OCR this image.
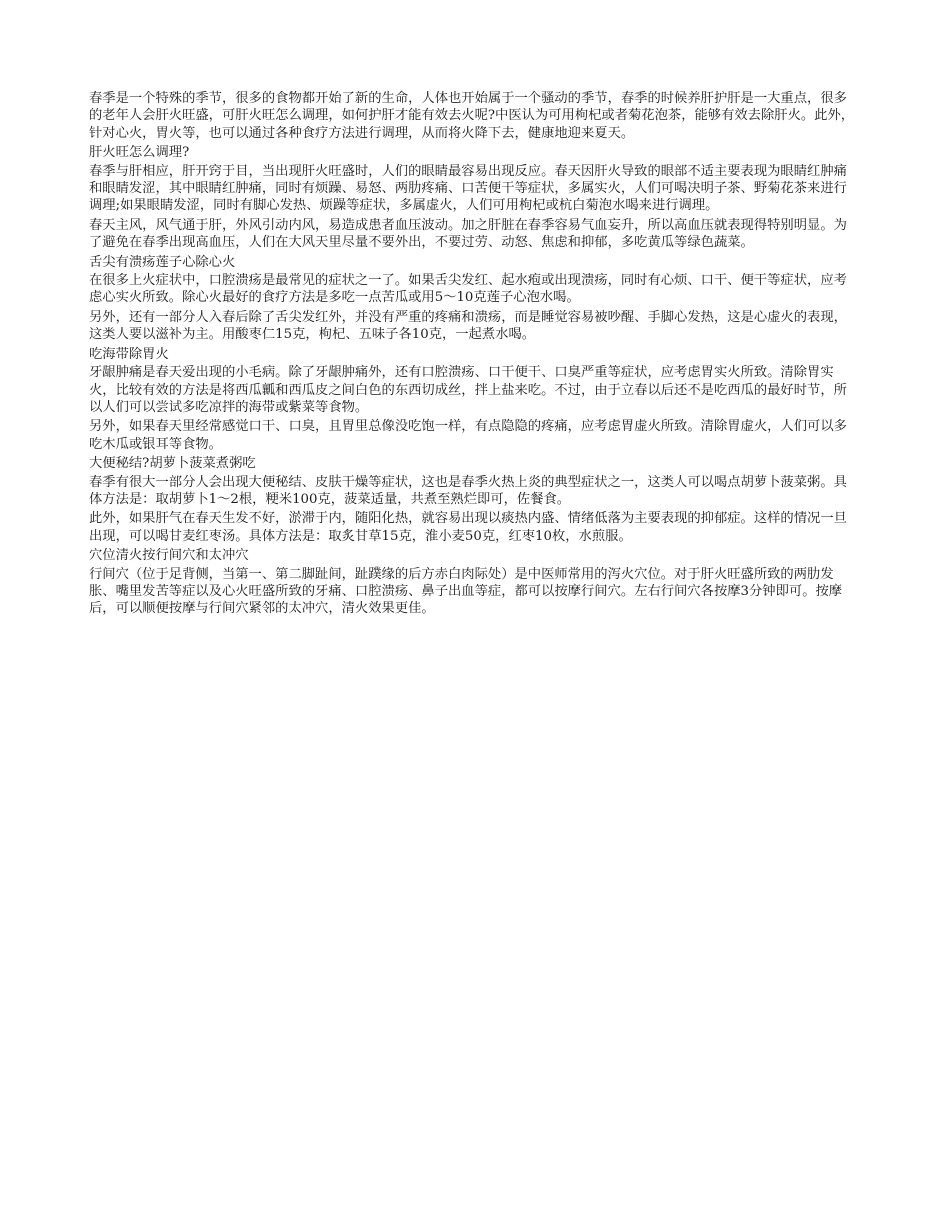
春季是一个特殊的季节，很多的食物都开始了新的生命，人体也开始属于一个骚动的季节，春季的时候养肝护肝是一大重点，很多的老年人会肝火旺盛，可肝火旺怎么调理，如何护肝才能有效去火呢?中医认为可用枸杞或者菊花泡茶，能够有效去除肝火。此外，针对心火，胃火等，也可以通过各种食疗方法进行调理，从而将火降下去，健康地迎来夏天。

肝火旺怎么调理?

春季与肝相应，肝开窍于目，当出现肝火旺盛时，人们的眼睛最容易出现反应。春天因肝火导致的眼部不适主要表现为眼睛红肿痛和眼睛发涩，其中眼睛红肿痛，同时有烦躁、易怒、两肋疼痛、口苦便干等症状，多属实火，人们可喝决明子茶、野菊花茶来进行调理;如果眼睛发涩，同时有脚心发热、烦躁等症状，多属虚火，人们可用枸杞或杭白菊泡水喝来进行调理。

春天主风，风气通于肝，外风引动内风，易造成患者血压波动。加之肝脏在春季容易气血妄升，所以高血压就表现得特别明显。为了避免在春季出现高血压，人们在大风天里尽量不要外出，不要过劳、动怒、焦虑和抑郁，多吃黄瓜等绿色蔬菜。

舌尖有溃疡莲子心除心火

在很多上火症状中，口腔溃疡是最常见的症状之一了。如果舌尖发红、起水疱或出现溃疡，同时有心烦、口干、便干等症状，应考虑心实火所致。除心火最好的食疗方法是多吃一点苦瓜或用5～10克莲子心泡水喝。

另外，还有一部分人入春后除了舌尖发红外，并没有严重的疼痛和溃疡，而是睡觉容易被吵醒、手脚心发热，这是心虚火的表现，这类人要以滋补为主。用酸枣仁15克，枸杞、五味子各10克，一起煮水喝。

吃海带除胃火

牙龈肿痛是春天爱出现的小毛病。除了牙龈肿痛外，还有口腔溃疡、口干便干、口臭严重等症状，应考虑胃实火所致。清除胃实火，比较有效的方法是将西瓜瓤和西瓜皮之间白色的东西切成丝，拌上盐来吃。不过，由于立春以后还不是吃西瓜的最好时节，所以人们可以尝试多吃凉拌的海带或紫菜等食物。

另外，如果春天里经常感觉口干、口臭，且胃里总像没吃饱一样，有点隐隐的疼痛，应考虑胃虚火所致。清除胃虚火，人们可以多吃木瓜或银耳等食物。

大便秘结?胡萝卜菠菜煮粥吃

春季有很大一部分人会出现大便秘结、皮肤干燥等症状，这也是春季火热上炎的典型症状之一，这类人可以喝点胡萝卜菠菜粥。具体方法是：取胡萝卜1～2根，粳米100克，菠菜适量，共煮至熟烂即可，佐餐食。

此外，如果肝气在春天生发不好，淤滞于内，随阳化热，就容易出现以痰热内盛、情绪低落为主要表现的抑郁症。这样的情况一旦出现，可以喝甘麦红枣汤。具体方法是：取炙甘草15克，淮小麦50克，红枣10枚，水煎服。

穴位清火按行间穴和太冲穴

行间穴（位于足背侧，当第一、第二脚趾间，趾蹼缘的后方赤白肉际处）是中医师常用的泻火穴位。对于肝火旺盛所致的两肋发胀、嘴里发苦等症以及心火旺盛所致的牙痛、口腔溃疡、鼻子出血等症，都可以按摩行间穴。左右行间穴各按摩3分钟即可。按摩后，可以顺便按摩与行间穴紧邻的太冲穴，清火效果更佳。
